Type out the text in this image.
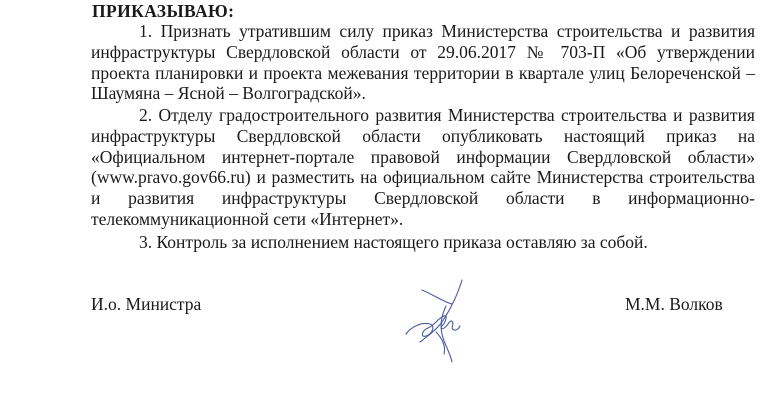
ПРИКАЗЫВАЮ:

1. Признать утратившим силу приказ Министерства строительства и развития инфраструктуры Свердловской области от 29.06.2017 № 703-П «Об утверждении проекта планировки и проекта межевания территории в квартале улиц Белореченской – Шаумяна – Ясной – Волгоградской».

2. Отделу градостроительного развития Министерства строительства и развития инфраструктуры Свердловской области опубликовать настоящий приказ на «Официальном интернет-портале правовой информации Свердловской области» (www.pravo.gov66.ru) и разместить на официальном сайте Министерства строительства и развития инфраструктуры Свердловской области в информационно-телекоммуникационной сети «Интернет».

3. Контроль за исполнением настоящего приказа оставляю за собой.

И.о. Министра	М.М. Волков
